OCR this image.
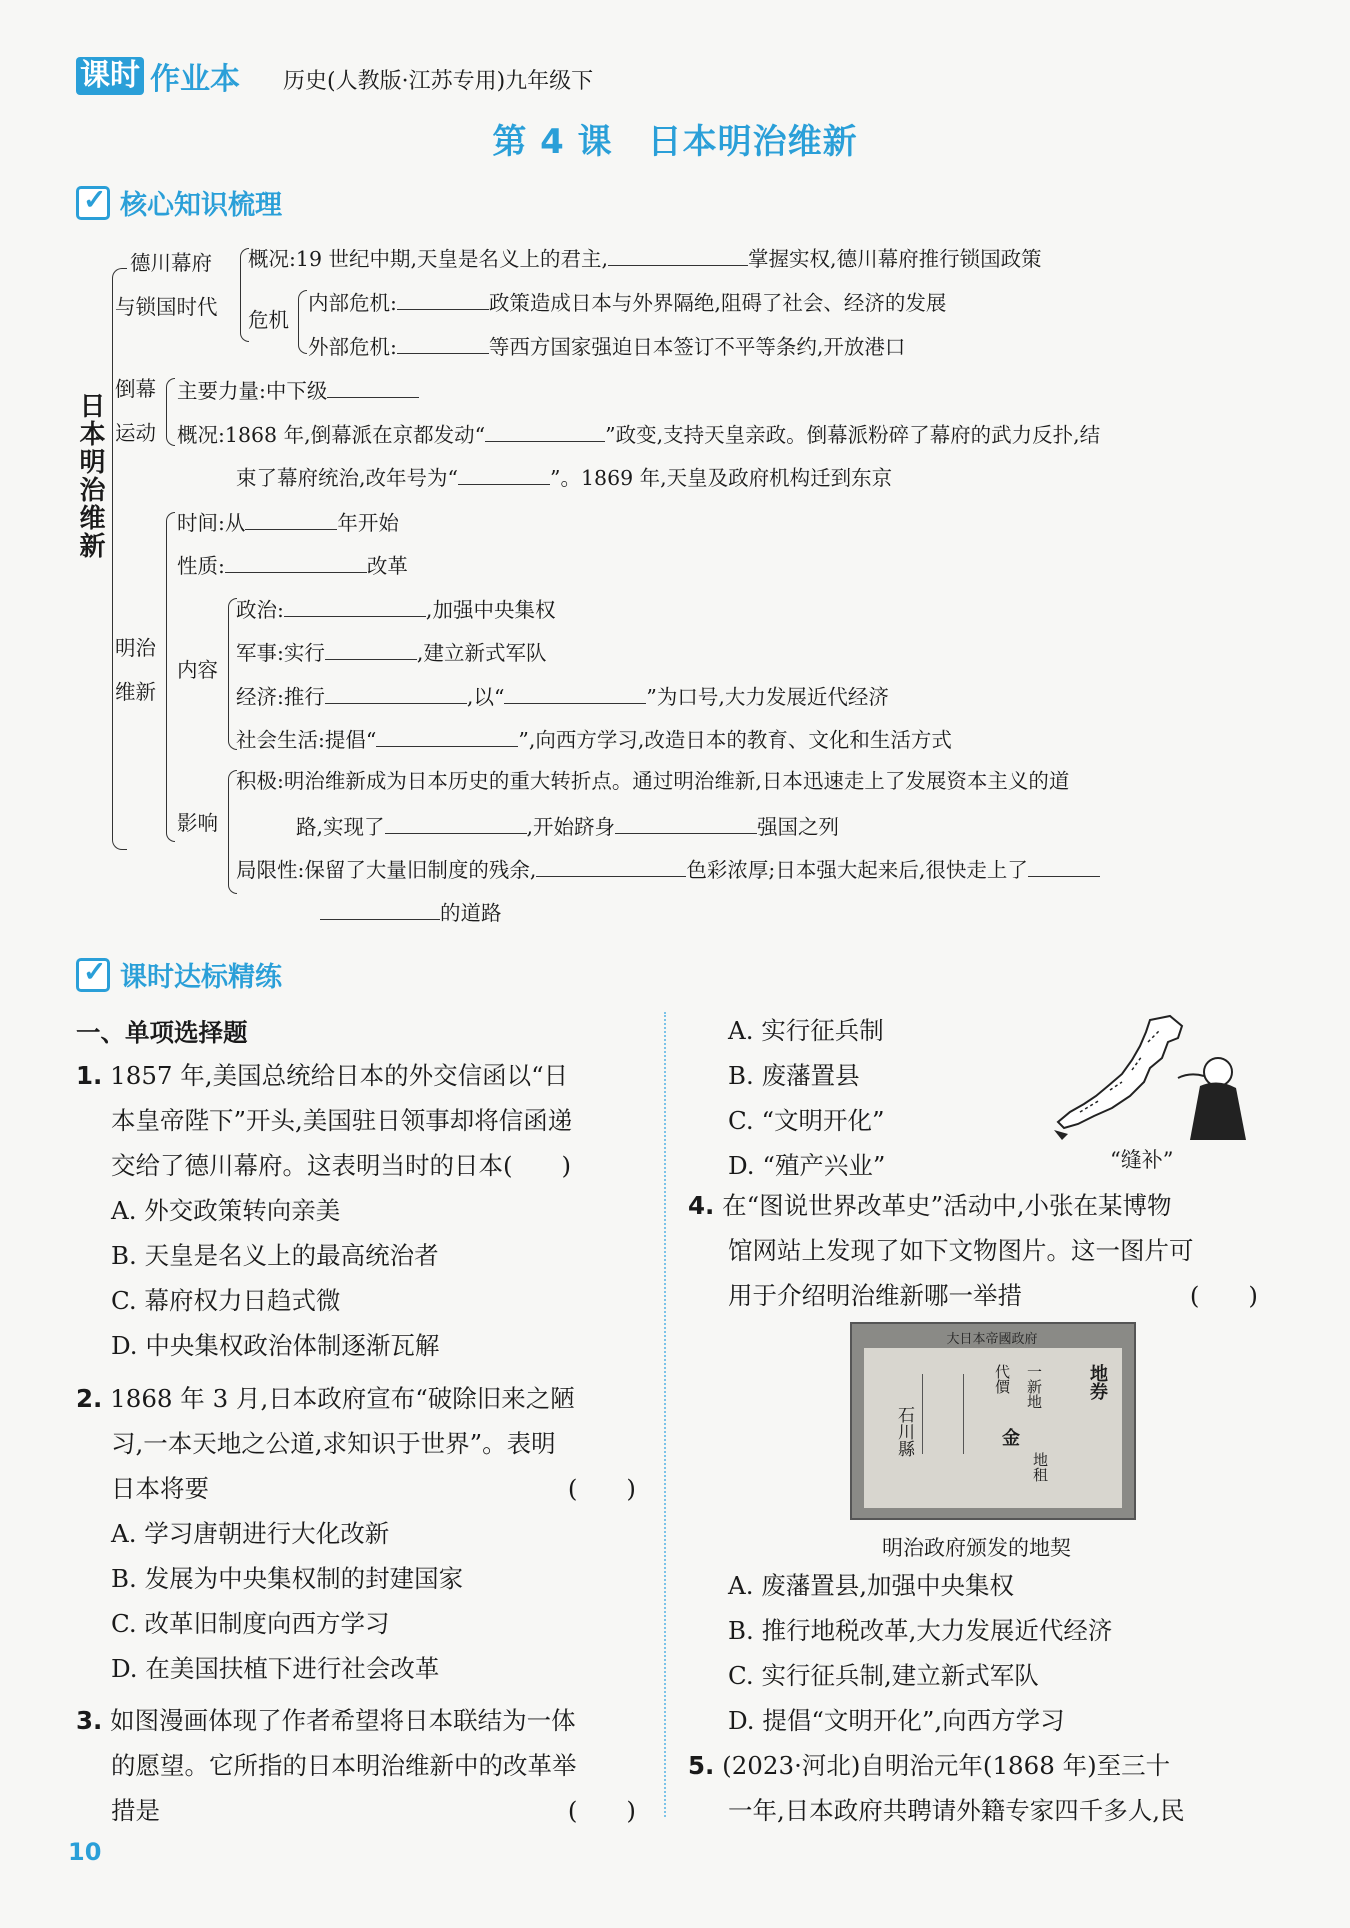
课时 作业本 历史(人教版·江苏专用)九年级下
第 4 课　日本明治维新
✓
核心知识梳理
日本明治维新
德川幕府
与锁国时代
概况:19 世纪中期,天皇是名义上的君主,	掌握实权,德川幕府推行锁国政策
危机
内部危机:	政策造成日本与外界隔绝,阻碍了社会、经济的发展
外部危机:	等西方国家强迫日本签订不平等条约,开放港口
倒幕
运动
主要力量:中下级
概况:1868 年,倒幕派在京都发动“	”政变,支持天皇亲政。倒幕派粉碎了幕府的武力反扑,结
束了幕府统治,改年号为“	”。1869 年,天皇及政府机构迁到东京
明治
维新
时间:从	年开始
性质:	改革
内容
政治:	,加强中央集权
军事:实行	,建立新式军队
经济:推行	,以“	”为口号,大力发展近代经济
社会生活:提倡“	”,向西方学习,改造日本的教育、文化和生活方式
影响
积极:明治维新成为日本历史的重大转折点。通过明治维新,日本迅速走上了发展资本主义的道
路,实现了	,开始跻身	强国之列
局限性:保留了大量旧制度的残余,	色彩浓厚;日本强大起来后,很快走上了
的道路
✓
课时达标精练
一、单项选择题
1. 1857 年,美国总统给日本的外交信函以“日
本皇帝陛下”开头,美国驻日领事却将信函递
交给了德川幕府。这表明当时的日本(　　)
A. 外交政策转向亲美
B. 天皇是名义上的最高统治者
C. 幕府权力日趋式微
D. 中央集权政治体制逐渐瓦解
2. 1868 年 3 月,日本政府宣布“破除旧来之陋
习,一本天地之公道,求知识于世界”。表明
日本将要	(　　)
A. 学习唐朝进行大化改新
B. 发展为中央集权制的封建国家
C. 改革旧制度向西方学习
D. 在美国扶植下进行社会改革
3. 如图漫画体现了作者希望将日本联结为一体
的愿望。它所指的日本明治维新中的改革举
措是	(　　)
A. 实行征兵制
B. 废藩置县
C. “文明开化”
D. “殖产兴业”	“缝补”
4. 在“图说世界改革史”活动中,小张在某博物
馆网站上发现了如下文物图片。这一图片可
用于介绍明治维新哪一举措	(　　)
大日本帝國政府
地券
一新地
代價
金
石川縣
地租
明治政府颁发的地契
A. 废藩置县,加强中央集权
B. 推行地税改革,大力发展近代经济
C. 实行征兵制,建立新式军队
D. 提倡“文明开化”,向西方学习
5. (2023·河北)自明治元年(1868 年)至三十
一年,日本政府共聘请外籍专家四千多人,民
10
